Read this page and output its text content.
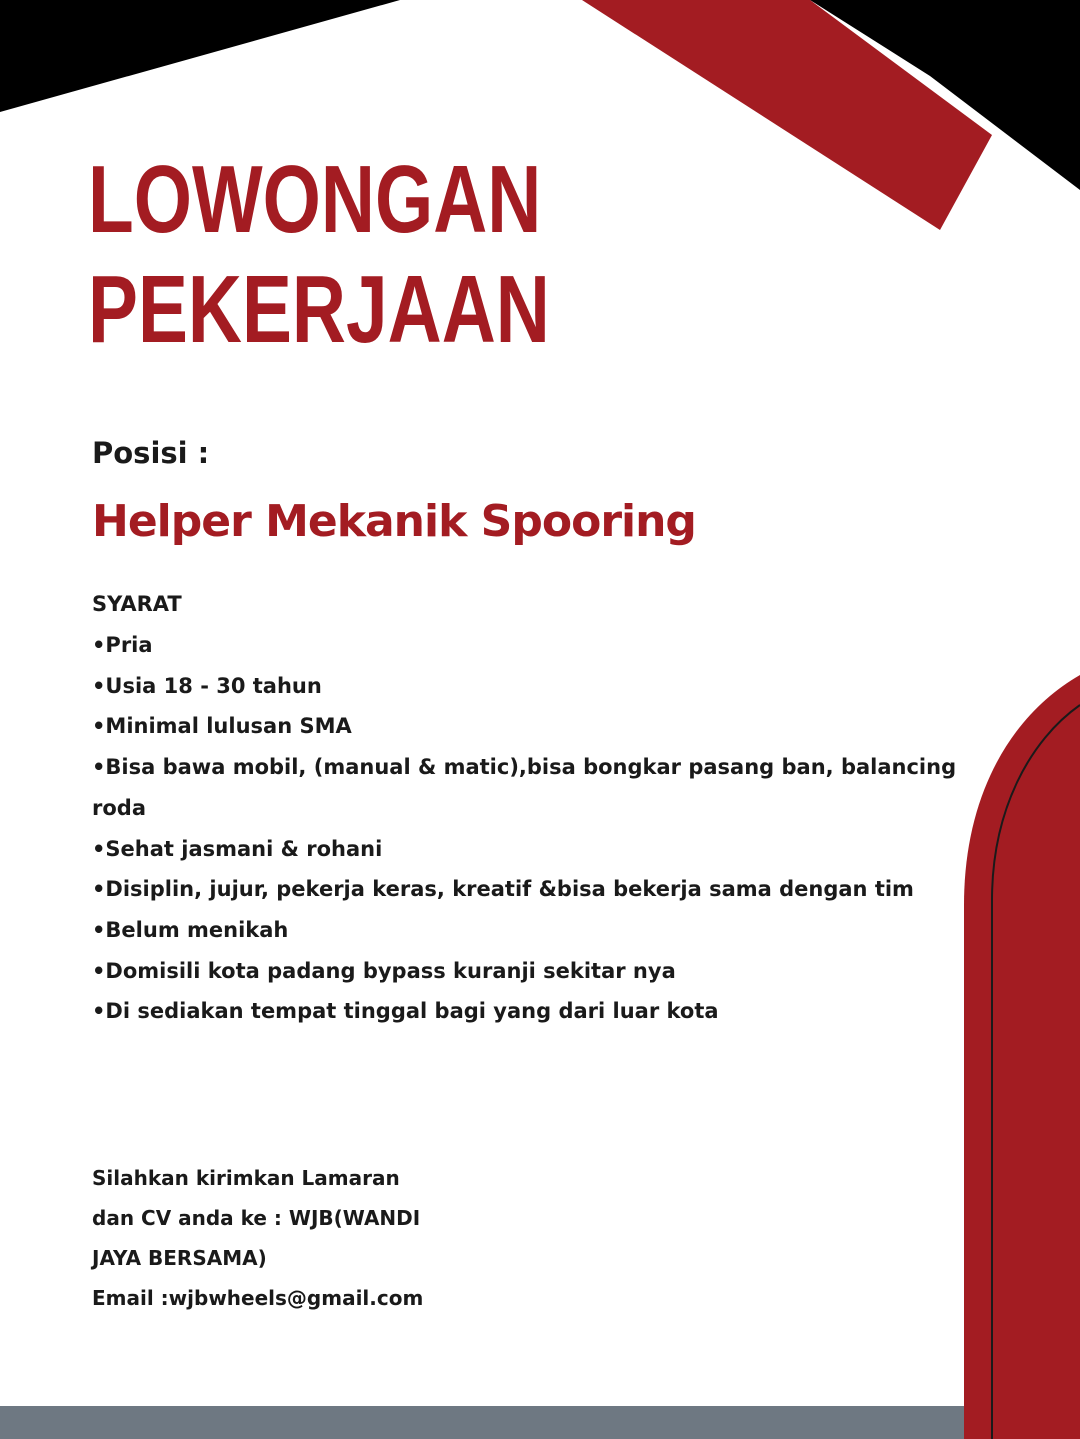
LOWONGAN
PEKERJAAN

Posisi :

Helper Mekanik Spooring

SYARAT

•Pria
•Usia 18 - 30 tahun
•Minimal lulusan SMA
•Bisa bawa mobil, (manual & matic),bisa bongkar pasang ban, balancing roda
•Sehat jasmani & rohani
•Disiplin, jujur, pekerja keras, kreatif &bisa bekerja sama dengan tim
•Belum menikah
•Domisili kota padang bypass kuranji sekitar nya
•Di sediakan tempat tinggal bagi yang dari luar kota
Silahkan kirimkan Lamaran
dan CV anda ke : WJB(WANDI
JAYA BERSAMA)
Email :wjbwheels@gmail.com
